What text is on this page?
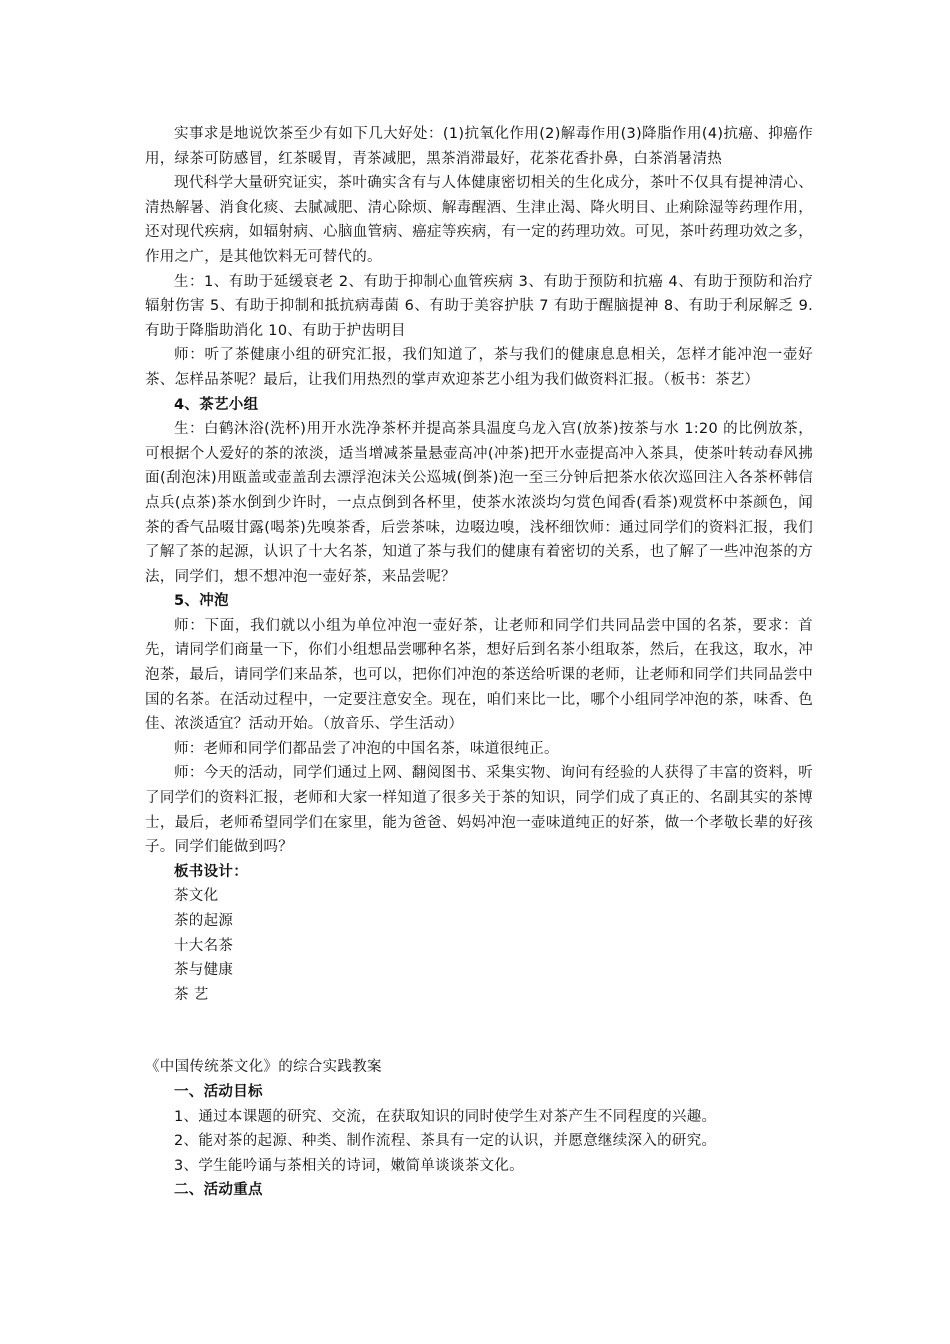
实事求是地说饮茶至少有如下几大好处：(1)抗氧化作用(2)解毒作用(3)降脂作用(4)抗癌、抑癌作用，绿茶可防感冒，红茶暖胃，青茶减肥，黑茶消滞最好，花茶花香扑鼻，白茶消暑清热

现代科学大量研究证实，茶叶确实含有与人体健康密切相关的生化成分，茶叶不仅具有提神清心、清热解暑、消食化痰、去腻减肥、清心除烦、解毒醒酒、生津止渴、降火明目、止痢除湿等药理作用，还对现代疾病，如辐射病、心脑血管病、癌症等疾病，有一定的药理功效。可见，茶叶药理功效之多，作用之广，是其他饮料无可替代的。

生：1、有助于延缓衰老 2、有助于抑制心血管疾病 3、有助于预防和抗癌 4、有助于预防和治疗辐射伤害 5、有助于抑制和抵抗病毒菌 6、有助于美容护肤 7 有助于醒脑提神 8、有助于利尿解乏 9.有助于降脂助消化 10、有助于护齿明目

师：听了茶健康小组的研究汇报，我们知道了，茶与我们的健康息息相关，怎样才能冲泡一壶好茶、怎样品茶呢？最后，让我们用热烈的掌声欢迎茶艺小组为我们做资料汇报。（板书：茶艺）

4、茶艺小组

生：白鹤沐浴(洗杯)用开水洗净茶杯并提高茶具温度乌龙入宫(放茶)按茶与水 1:20 的比例放茶，可根据个人爱好的茶的浓淡，适当增减茶量悬壶高冲(冲茶)把开水壶提高冲入茶具，使茶叶转动春风拂面(刮泡沫)用瓯盖或壶盖刮去漂浮泡沫关公巡城(倒茶)泡一至三分钟后把茶水依次巡回注入各茶杯韩信点兵(点茶)茶水倒到少许时，一点点倒到各杯里，使茶水浓淡均匀赏色闻香(看茶)观赏杯中茶颜色，闻茶的香气品啜甘露(喝茶)先嗅茶香，后尝茶味，边啜边嗅，浅杯细饮师：通过同学们的资料汇报，我们了解了茶的起源，认识了十大名茶，知道了茶与我们的健康有着密切的关系，也了解了一些冲泡茶的方法，同学们，想不想冲泡一壶好茶，来品尝呢？

5、冲泡

师：下面，我们就以小组为单位冲泡一壶好茶，让老师和同学们共同品尝中国的名茶，要求：首先，请同学们商量一下，你们小组想品尝哪种名茶，想好后到名茶小组取茶，然后，在我这，取水，冲泡茶，最后，请同学们来品茶，也可以，把你们冲泡的茶送给听课的老师，让老师和同学们共同品尝中国的名茶。在活动过程中，一定要注意安全。现在，咱们来比一比，哪个小组同学冲泡的茶，味香、色佳、浓淡适宜？活动开始。（放音乐、学生活动）

师：老师和同学们都品尝了冲泡的中国名茶，味道很纯正。

师：今天的活动，同学们通过上网、翻阅图书、采集实物、询问有经验的人获得了丰富的资料，听了同学们的资料汇报，老师和大家一样知道了很多关于茶的知识，同学们成了真正的、名副其实的茶博士，最后，老师希望同学们在家里，能为爸爸、妈妈冲泡一壶味道纯正的好茶，做一个孝敬长辈的好孩子。同学们能做到吗？

板书设计：

茶文化

茶的起源

十大名茶

茶与健康

茶 艺

《中国传统茶文化》的综合实践教案

一、活动目标

1、通过本课题的研究、交流，在获取知识的同时使学生对茶产生不同程度的兴趣。

2、能对茶的起源、种类、制作流程、茶具有一定的认识，并愿意继续深入的研究。

3、学生能吟诵与茶相关的诗词，嫩简单谈谈茶文化。

二、活动重点
